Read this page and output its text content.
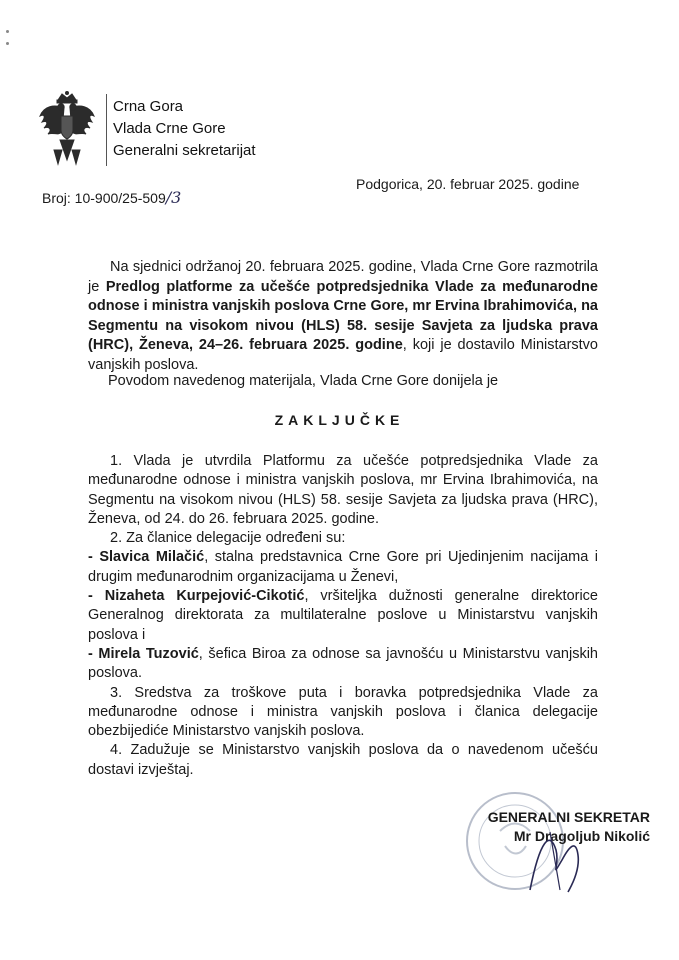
Crna Gora
Vlada Crne Gore
Generalni sekretarijat
Broj: 10-900/25-509/3
Podgorica, 20. februar 2025. godine

Na sjednici održanoj 20. februara 2025. godine, Vlada Crne Gore razmotrila je Predlog platforme za učešće potpredsjednika Vlade za međunarodne odnose i ministra vanjskih poslova Crne Gore, mr Ervina Ibrahimovića, na Segmentu na visokom nivou (HLS) 58. sesije Savjeta za ljudska prava (HRC), Ženeva, 24–26. februara 2025. godine, koji je dostavilo Ministarstvo vanjskih poslova.

Povodom navedenog materijala, Vlada Crne Gore donijela je
ZAKLJUČKE

1. Vlada je utvrdila Platformu za učešće potpredsjednika Vlade za međunarodne odnose i ministra vanjskih poslova, mr Ervina Ibrahimovića, na Segmentu na visokom nivou (HLS) 58. sesije Savjeta za ljudska prava (HRC), Ženeva, od 24. do 26. februara 2025. godine.

2. Za članice delegacije određeni su:

- Slavica Milačić, stalna predstavnica Crne Gore pri Ujedinjenim nacijama i drugim međunarodnim organizacijama u Ženevi,

- Nizaheta Kurpejović-Cikotić, vršiteljka dužnosti generalne direktorice Generalnog direktorata za multilateralne poslove u Ministarstvu vanjskih poslova i

- Mirela Tuzović, šefica Biroa za odnose sa javnošću u Ministarstvu vanjskih poslova.

3. Sredstva za troškove puta i boravka potpredsjednika Vlade za međunarodne odnose i ministra vanjskih poslova i članica delegacije obezbijediće Ministarstvo vanjskih poslova.

4. Zadužuje se Ministarstvo vanjskih poslova da o navedenom učešću dostavi izvještaj.

GENERALNI SEKRETAR
Mr Dragoljub Nikolić
